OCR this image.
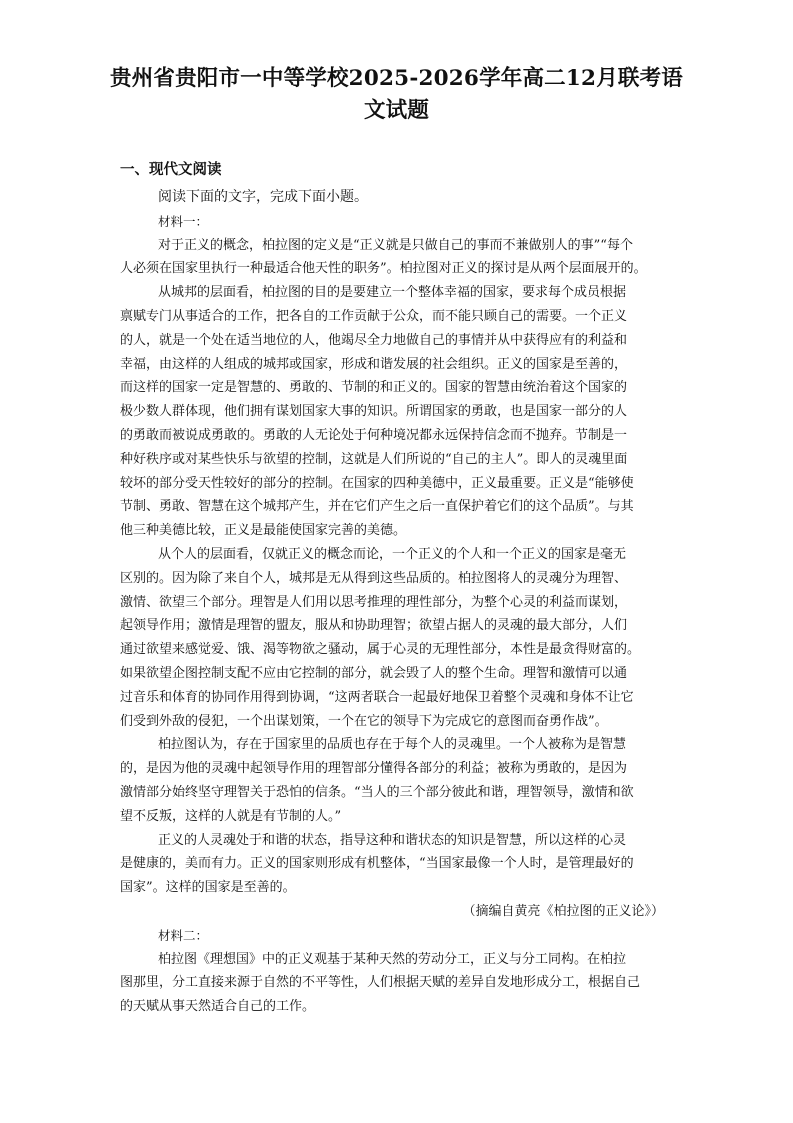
贵州省贵阳市一中等学校2025-2026学年高二12月联考语
文试题
一、现代文阅读
阅读下面的文字，完成下面小题。
材料一：
对于正义的概念，柏拉图的定义是“正义就是只做自己的事而不兼做别人的事”“每个
人必须在国家里执行一种最适合他天性的职务”。柏拉图对正义的探讨是从两个层面展开的。
从城邦的层面看，柏拉图的目的是要建立一个整体幸福的国家，要求每个成员根据
禀赋专门从事适合的工作，把各自的工作贡献于公众，而不能只顾自己的需要。一个正义
的人，就是一个处在适当地位的人，他竭尽全力地做自己的事情并从中获得应有的利益和
幸福，由这样的人组成的城邦或国家，形成和谐发展的社会组织。正义的国家是至善的，
而这样的国家一定是智慧的、勇敢的、节制的和正义的。国家的智慧由统治着这个国家的
极少数人群体现，他们拥有谋划国家大事的知识。所谓国家的勇敢，也是国家一部分的人
的勇敢而被说成勇敢的。勇敢的人无论处于何种境况都永远保持信念而不抛弃。节制是一
种好秩序或对某些快乐与欲望的控制，这就是人们所说的“自己的主人”。即人的灵魂里面
较坏的部分受天性较好的部分的控制。在国家的四种美德中，正义最重要。正义是“能够使
节制、勇敢、智慧在这个城邦产生，并在它们产生之后一直保护着它们的这个品质”。与其
他三种美德比较，正义是最能使国家完善的美德。
从个人的层面看，仅就正义的概念而论，一个正义的个人和一个正义的国家是毫无
区别的。因为除了来自个人，城邦是无从得到这些品质的。柏拉图将人的灵魂分为理智、
激情、欲望三个部分。理智是人们用以思考推理的理性部分，为整个心灵的利益而谋划，
起领导作用；激情是理智的盟友，服从和协助理智；欲望占据人的灵魂的最大部分，人们
通过欲望来感觉爱、饿、渴等物欲之骚动，属于心灵的无理性部分，本性是最贪得财富的。
如果欲望企图控制支配不应由它控制的部分，就会毁了人的整个生命。理智和激情可以通
过音乐和体育的协同作用得到协调，“这两者联合一起最好地保卫着整个灵魂和身体不让它
们受到外敌的侵犯，一个出谋划策，一个在它的领导下为完成它的意图而奋勇作战”。
柏拉图认为，存在于国家里的品质也存在于每个人的灵魂里。一个人被称为是智慧
的，是因为他的灵魂中起领导作用的理智部分懂得各部分的利益；被称为勇敢的，是因为
激情部分始终坚守理智关于恐怕的信条。“当人的三个部分彼此和谐，理智领导，激情和欲
望不反叛，这样的人就是有节制的人。”
正义的人灵魂处于和谐的状态，指导这种和谐状态的知识是智慧，所以这样的心灵
是健康的，美而有力。正义的国家则形成有机整体，“当国家最像一个人时，是管理最好的
国家”。这样的国家是至善的。
（摘编自黄亮《柏拉图的正义论》）
材料二：
柏拉图《理想国》中的正义观基于某种天然的劳动分工，正义与分工同构。在柏拉
图那里，分工直接来源于自然的不平等性，人们根据天赋的差异自发地形成分工，根据自己
的天赋从事天然适合自己的工作。
